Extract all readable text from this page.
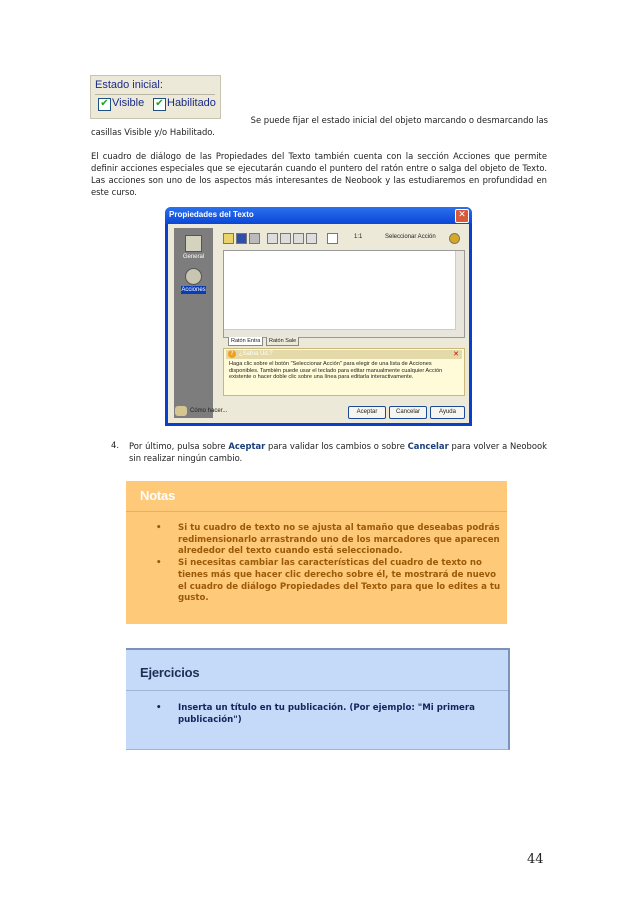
Estado inicial:
✔ Visible ✔ Habilitado
Se puede fijar el estado inicial del objeto marcando o desmarcando las
casillas Visible y/o Habilitado.
El cuadro de diálogo de las Propiedades del Texto también cuenta con la sección Acciones que permite definir acciones especiales que se ejecutarán cuando el puntero del ratón entre o salga del objeto de Texto. Las acciones son uno de los aspectos más interesantes de Neobook y las estudiaremos en profundidad en este curso.
Propiedades del Texto	✕
General
Acciones
1:1	Seleccionar Acción
Ratón Entra	Ratón Sale
? ¿Sabía Ud.?	✕
Haga clic sobre el botón "Seleccionar Acción" para elegir de una lista de Acciones disponibles. También puede usar el teclado para editar manualmente cualquier Acción existente o hacer doble clic sobre una línea para editarla interactivamente.
Cómo hacer...	Aceptar	Cancelar	Ayuda
4. Por último, pulsa sobre Aceptar para validar los cambios o sobre Cancelar para volver a Neobook sin realizar ningún cambio.
Notas
• Si tu cuadro de texto no se ajusta al tamaño que deseabas podrás redimensionarlo arrastrando uno de los marcadores que aparecen alrededor del texto cuando está seleccionado.
• Si necesitas cambiar las características del cuadro de texto no tienes más que hacer clic derecho sobre él, te mostrará de nuevo el cuadro de diálogo Propiedades del Texto para que lo edites a tu gusto.
Ejercicios
• Inserta un título en tu publicación. (Por ejemplo: "Mi primera publicación")
44
